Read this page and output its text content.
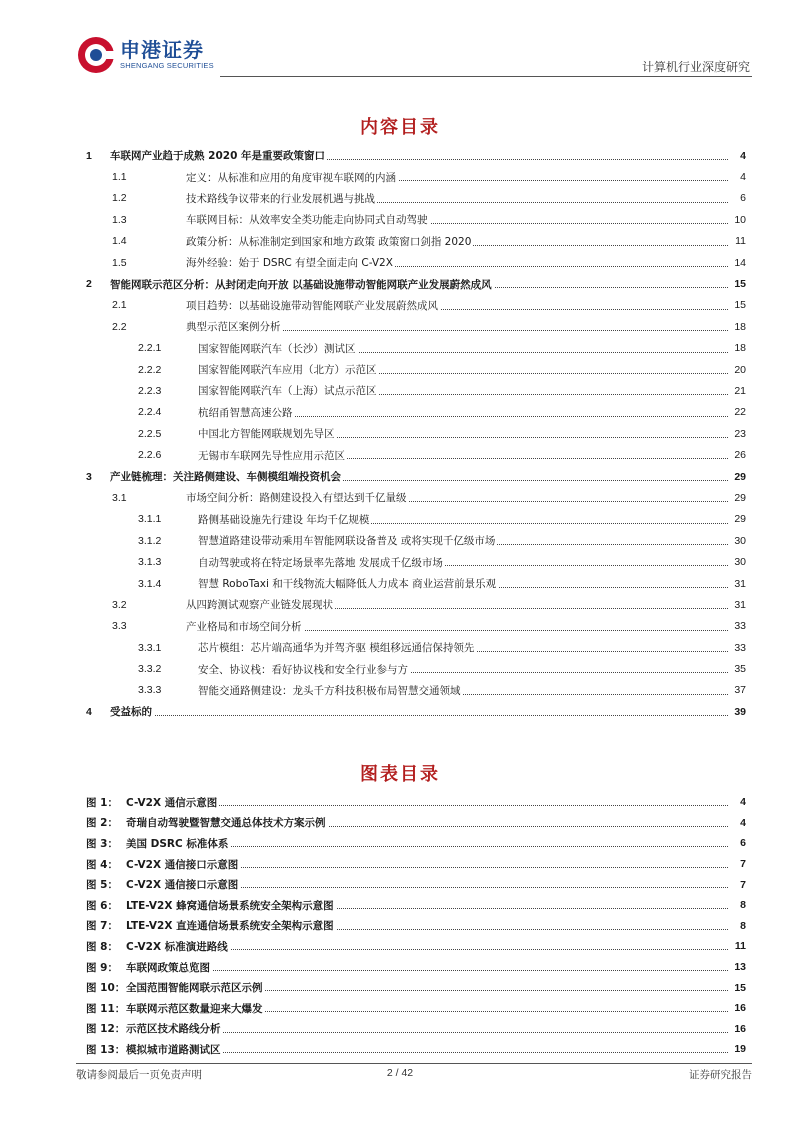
申港证券
SHENGANG SECURITIES	计算机行业深度研究
内容目录
1 车联网产业趋于成熟 2020 年是重要政策窗口	4
1.1	定义：从标准和应用的角度审视车联网的内涵	4
1.2	技术路线争议带来的行业发展机遇与挑战	6
1.3	车联网目标：从效率安全类功能走向协同式自动驾驶	10
1.4	政策分析：从标准制定到国家和地方政策 政策窗口剑指 2020	11
1.5	海外经验：始于 DSRC 有望全面走向 C-V2X	14
2 智能网联示范区分析：从封闭走向开放 以基础设施带动智能网联产业发展蔚然成风	15
2.1	项目趋势：以基础设施带动智能网联产业发展蔚然成风	15
2.2	典型示范区案例分析	18
2.2.1	国家智能网联汽车（长沙）测试区	18
2.2.2	国家智能网联汽车应用（北方）示范区	20
2.2.3	国家智能网联汽车（上海）试点示范区	21
2.2.4	杭绍甬智慧高速公路	22
2.2.5	中国北方智能网联规划先导区	23
2.2.6	无锡市车联网先导性应用示范区	26
3 产业链梳理：关注路侧建设、车侧模组端投资机会	29
3.1	市场空间分析：路侧建设投入有望达到千亿量级	29
3.1.1	路侧基础设施先行建设 年均千亿规模	29
3.1.2	智慧道路建设带动乘用车智能网联设备普及 或将实现千亿级市场	30
3.1.3	自动驾驶或将在特定场景率先落地 发展成千亿级市场	30
3.1.4	智慧 RoboTaxi 和干线物流大幅降低人力成本 商业运营前景乐观	31
3.2	从四跨测试观察产业链发展现状	31
3.3	产业格局和市场空间分析	33
3.3.1	芯片模组：芯片端高通华为并驾齐驱 模组移远通信保持领先	33
3.3.2	安全、协议栈：看好协议栈和安全行业参与方	35
3.3.3	智能交通路侧建设：龙头千方科技积极布局智慧交通领域	37
4 受益标的	39
图表目录
图 1： C-V2X 通信示意图	4
图 2： 奇瑞自动驾驶暨智慧交通总体技术方案示例	4
图 3： 美国 DSRC 标准体系	6
图 4： C-V2X 通信接口示意图	7
图 5： C-V2X 通信接口示意图	7
图 6： LTE-V2X 蜂窝通信场景系统安全架构示意图	8
图 7： LTE-V2X 直连通信场景系统安全架构示意图	8
图 8： C-V2X 标准演进路线	11
图 9： 车联网政策总览图	13
图 10： 全国范围智能网联示范区示例	15
图 11： 车联网示范区数量迎来大爆发	16
图 12： 示范区技术路线分析	16
图 13： 模拟城市道路测试区	19
敬请参阅最后一页免责声明	2 / 42	证券研究报告
